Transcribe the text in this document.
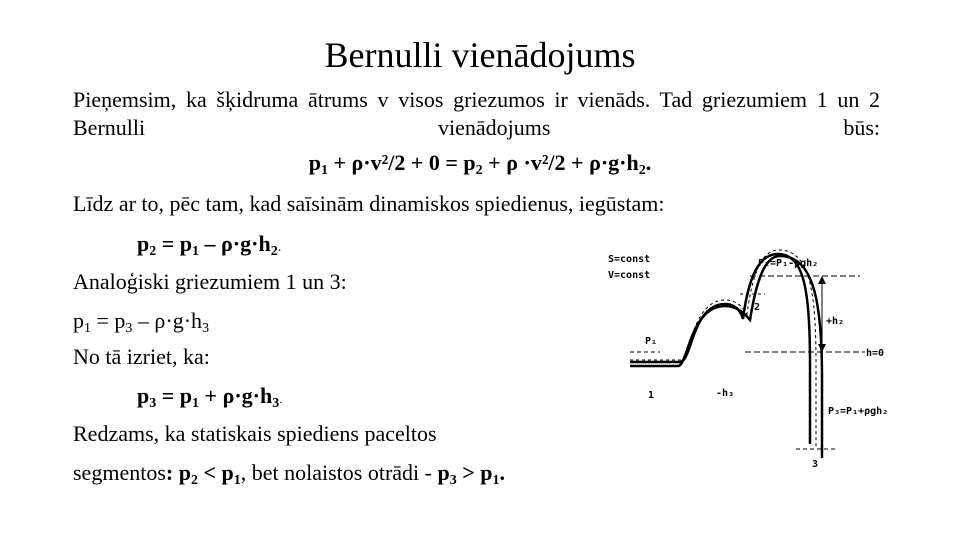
Bernulli vienādojums
Pieņemsim, ka šķidruma ātrums v visos griezumos ir vienāds. Tad griezumiem 1 un 2 Bernulli vienādojums būs:
$p_1 + \rho\cdot v^2/2 + 0 = p_2 + \rho \cdot v^2/2 + \rho\cdot g\cdot h_2$.
Līdz ar to, pēc tam, kad saīsinām dinamiskos spiedienus, iegūstam:
$p_2 = p_1 - \rho\cdot g\cdot h_2$.
Analoģiski griezumiem 1 un 3:
$p_1 = p_3 - \rho\cdot g\cdot h_3$
No tā izriet, ka:
$p_3 = p_1 + \rho\cdot g\cdot h_3$.
Redzams, ka statiskais spiediens paceltos
segmentos: $p_2 < p_1$, bet nolaistos otrādi - $p_3 > p_1$.
S=const
V=const
P₂=P₁-ρgh₂
2
+h₂
P₁
h=0
1	-h₃
P₃=P₁+ρgh₂
3
